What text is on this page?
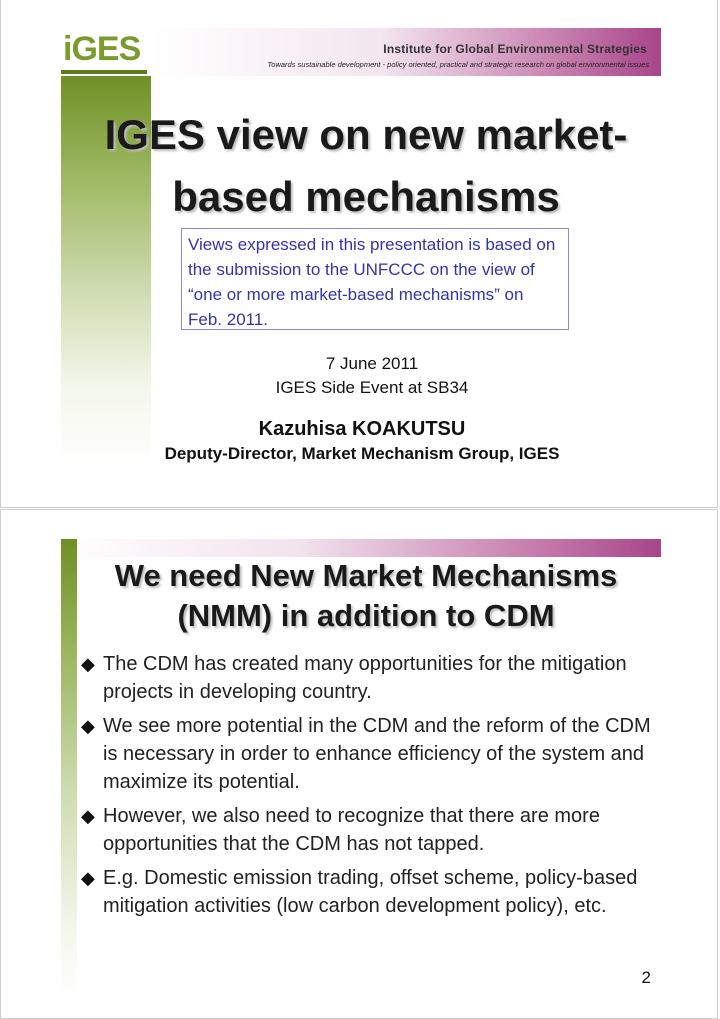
Institute for Global Environmental Strategies
Towards sustainable development - policy oriented, practical and strategic research on global environmental issues
iGES
IGES view on new market-based mechanisms
Views expressed in this presentation is based on the submission to the UNFCCC on the view of “one or more market-based mechanisms” on Feb. 2011.
7 June 2011
IGES Side Event at SB34
Kazuhisa KOAKUTSU
Deputy-Director, Market Mechanism Group, IGES
We need New Market Mechanisms (NMM) in addition to CDM
◆ The CDM has created many opportunities for the mitigation projects in developing country.
◆ We see more potential in the CDM and the reform of the CDM is necessary in order to enhance efficiency of the system and maximize its potential.
◆ However, we also need to recognize that there are more opportunities that the CDM has not tapped.
◆ E.g. Domestic emission trading, offset scheme, policy-based mitigation activities (low carbon development policy), etc.
2
